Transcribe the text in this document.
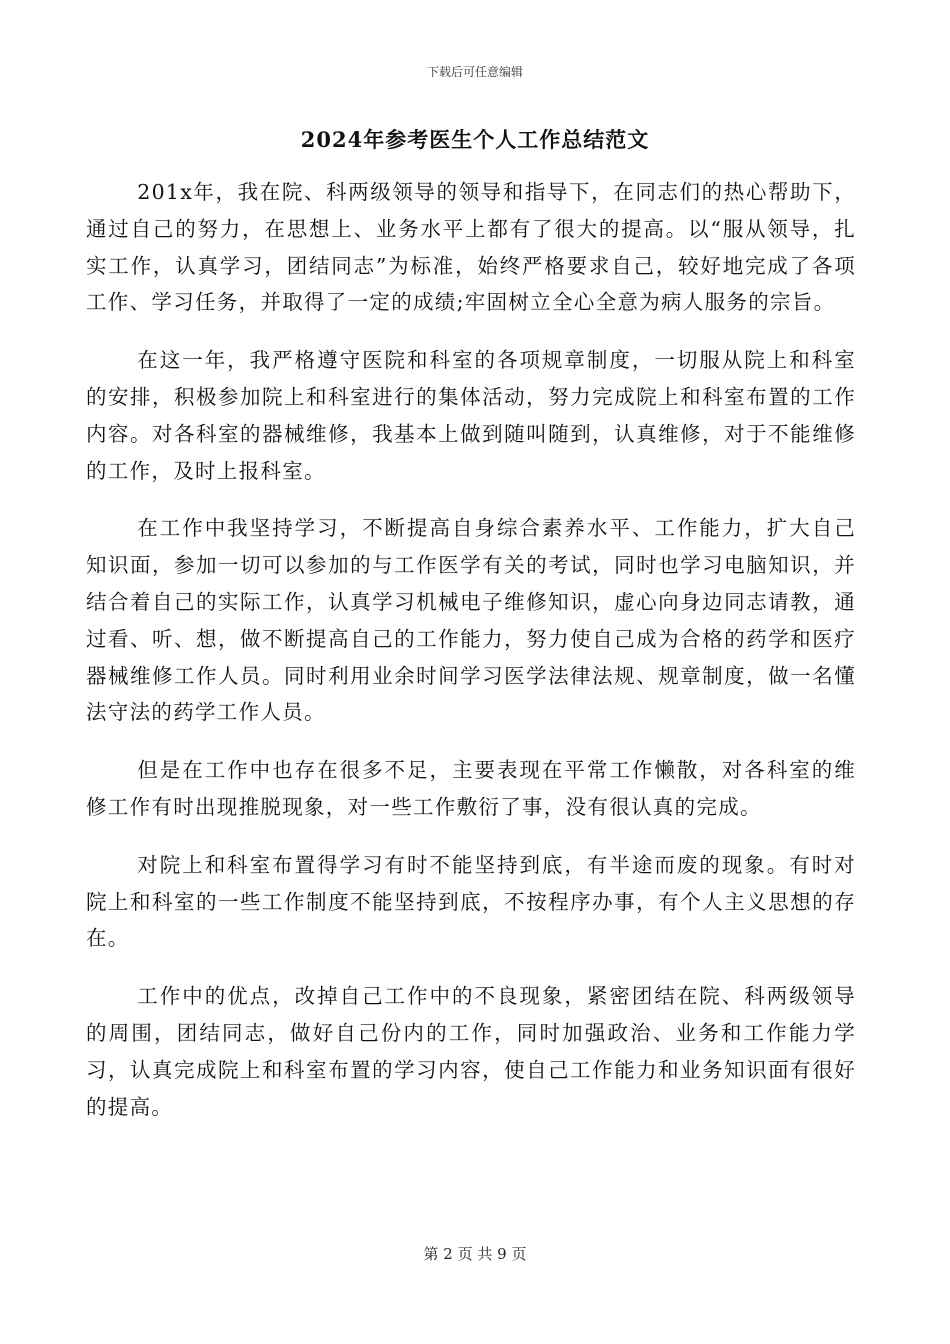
下载后可任意编辑
2024年参考医生个人工作总结范文

201x年，我在院、科两级领导的领导和指导下，在同志们的热心帮助下，通过自己的努力，在思想上、业务水平上都有了很大的提高。以“服从领导，扎实工作，认真学习，团结同志”为标准，始终严格要求自己，较好地完成了各项工作、学习任务，并取得了一定的成绩;牢固树立全心全意为病人服务的宗旨。

在这一年，我严格遵守医院和科室的各项规章制度，一切服从院上和科室的安排，积极参加院上和科室进行的集体活动，努力完成院上和科室布置的工作内容。对各科室的器械维修，我基本上做到随叫随到，认真维修，对于不能维修的工作，及时上报科室。

在工作中我坚持学习，不断提高自身综合素养水平、工作能力，扩大自己知识面，参加一切可以参加的与工作医学有关的考试，同时也学习电脑知识，并结合着自己的实际工作，认真学习机械电子维修知识，虚心向身边同志请教，通过看、听、想，做不断提高自己的工作能力，努力使自己成为合格的药学和医疗器械维修工作人员。同时利用业余时间学习医学法律法规、规章制度，做一名懂法守法的药学工作人员。

但是在工作中也存在很多不足，主要表现在平常工作懒散，对各科室的维修工作有时出现推脱现象，对一些工作敷衍了事，没有很认真的完成。

对院上和科室布置得学习有时不能坚持到底，有半途而废的现象。有时对院上和科室的一些工作制度不能坚持到底，不按程序办事，有个人主义思想的存在。

工作中的优点，改掉自己工作中的不良现象，紧密团结在院、科两级领导的周围，团结同志，做好自己份内的工作，同时加强政治、业务和工作能力学习，认真完成院上和科室布置的学习内容，使自己工作能力和业务知识面有很好的提高。

第 2 页 共 9 页
